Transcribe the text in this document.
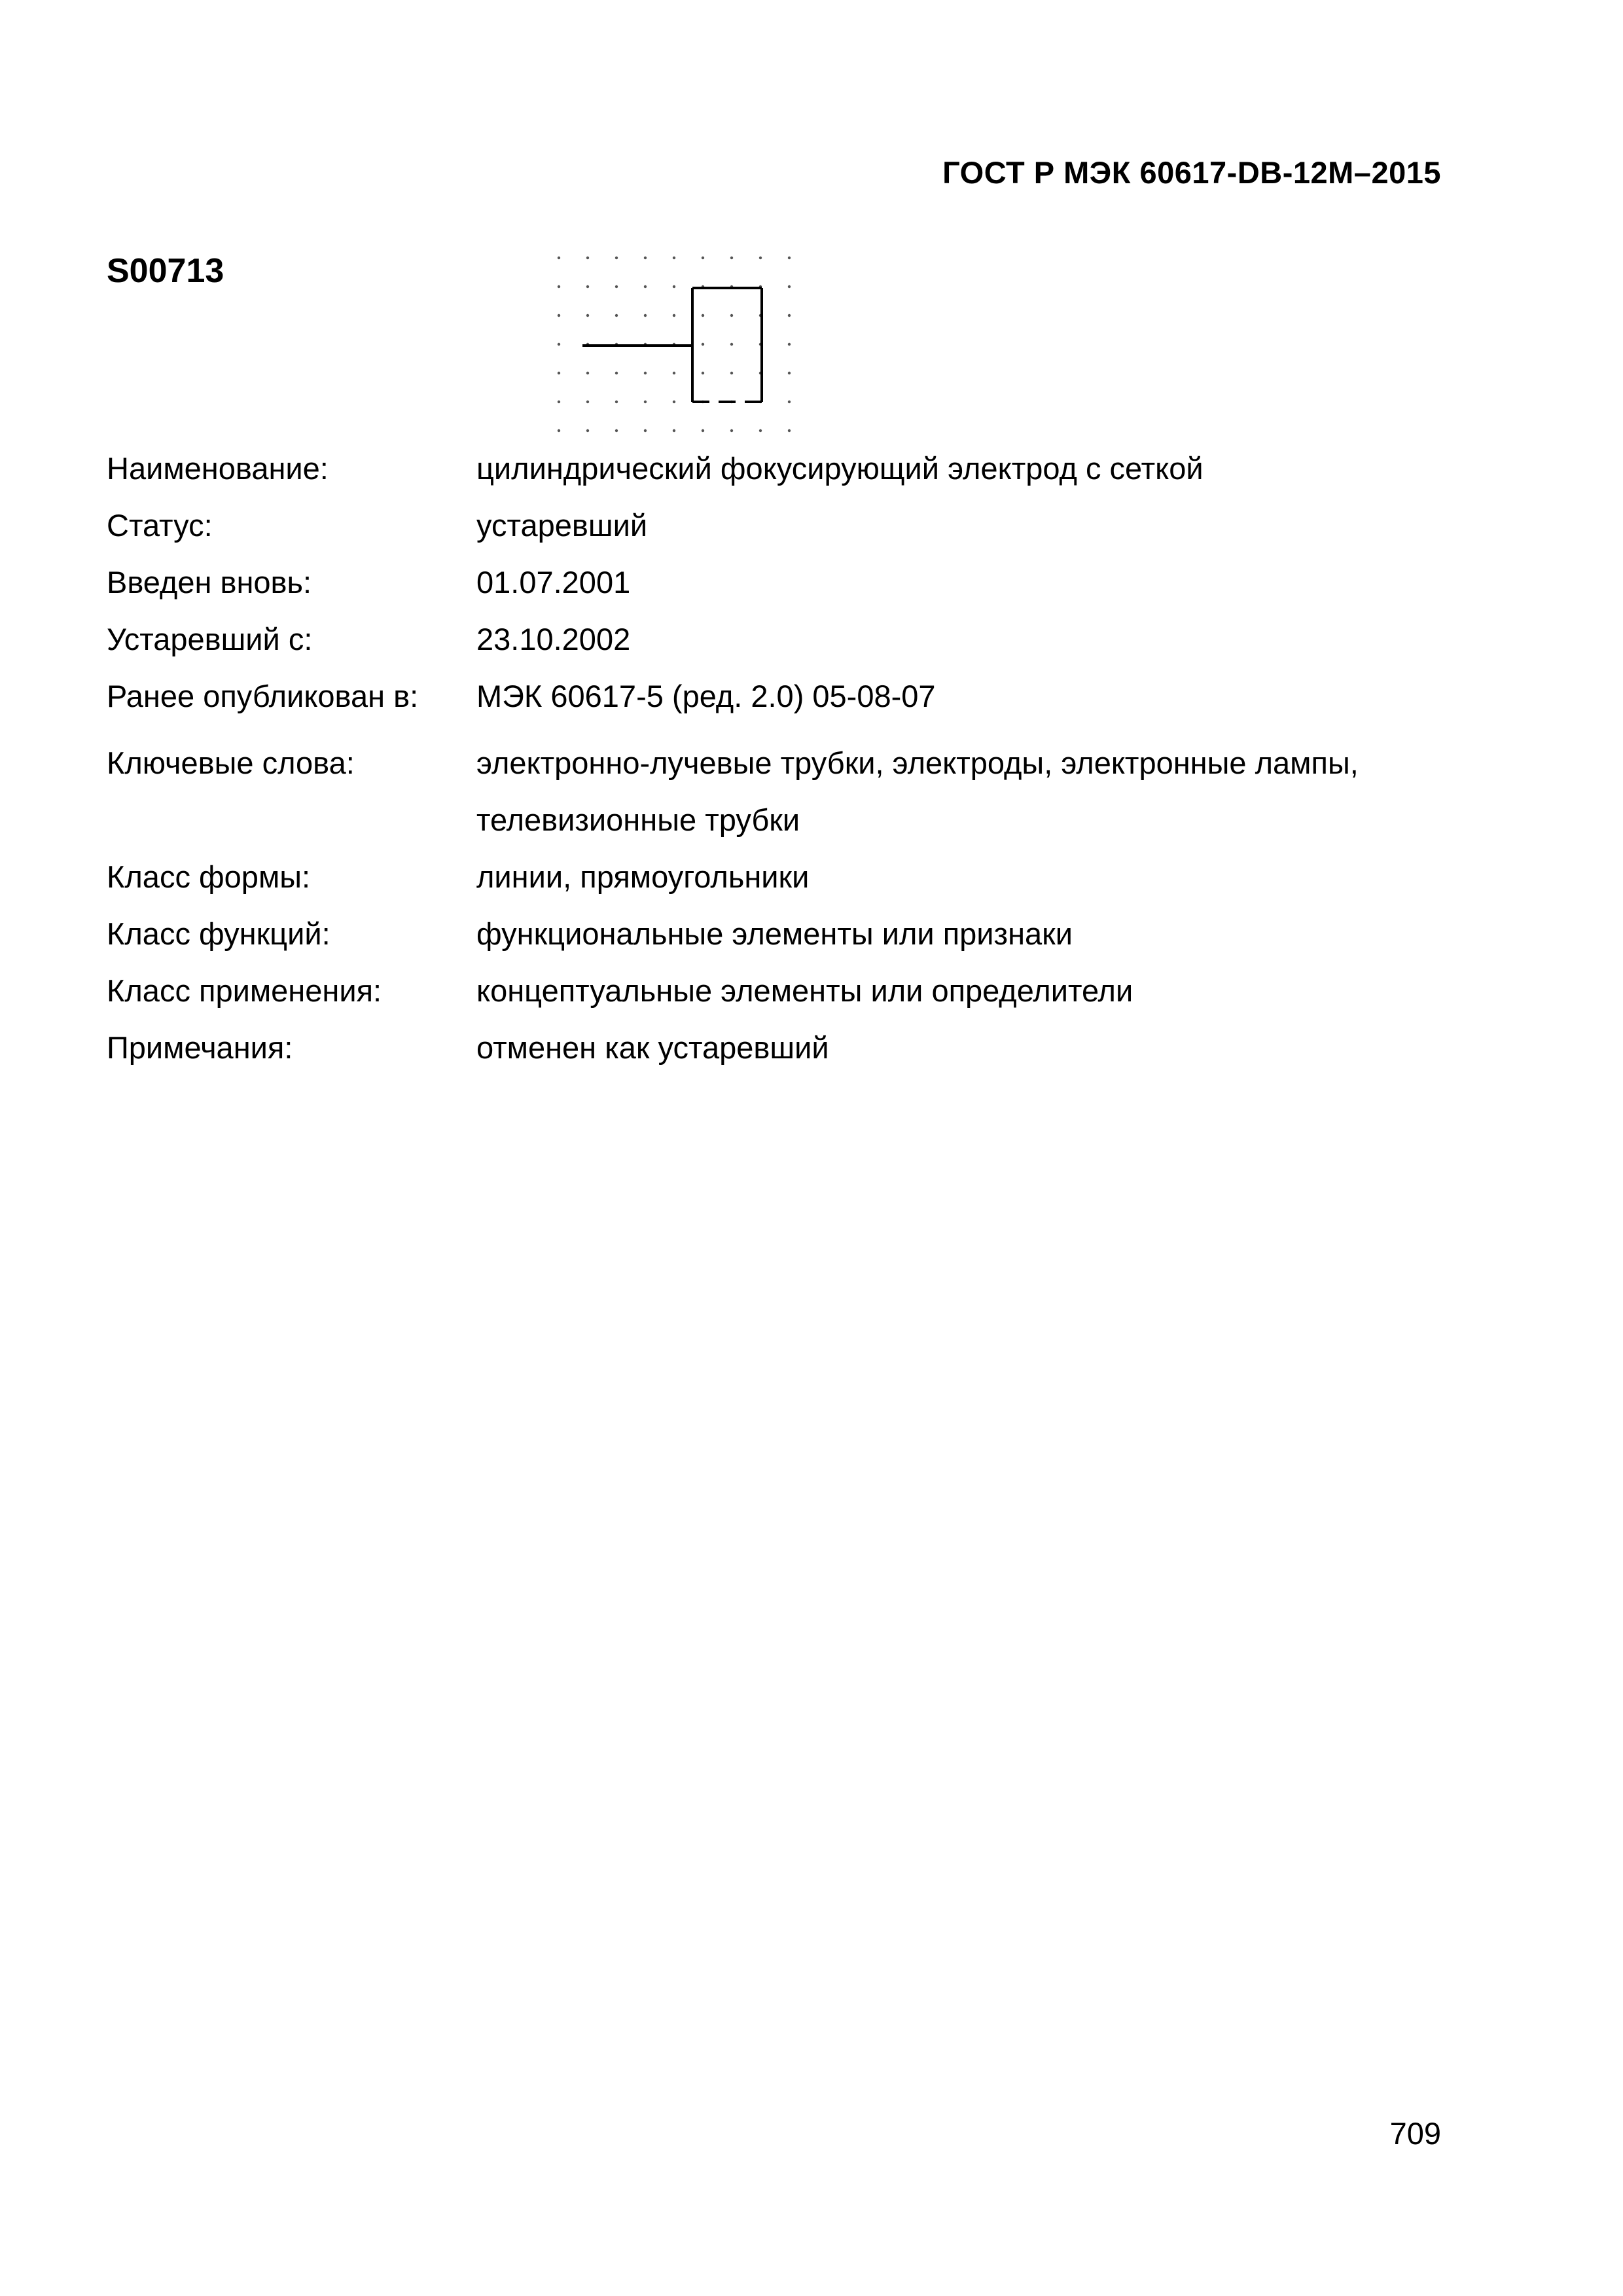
ГОСТ Р МЭК 60617-DB-12M–2015
S00713
Наименование:	цилиндрический фокусирующий электрод с сеткой
Статус:	устаревший
Введен вновь:	01.07.2001
Устаревший с:	23.10.2002
Ранее опубликован в:	МЭК 60617-5 (ред. 2.0) 05-08-07
Ключевые слова:	электронно-лучевые трубки, электроды, электронные лампы, телевизионные трубки
Класс формы:	линии, прямоугольники
Класс функций:	функциональные элементы или признаки
Класс применения:	концептуальные элементы или определители
Примечания:	отменен как устаревший
709
